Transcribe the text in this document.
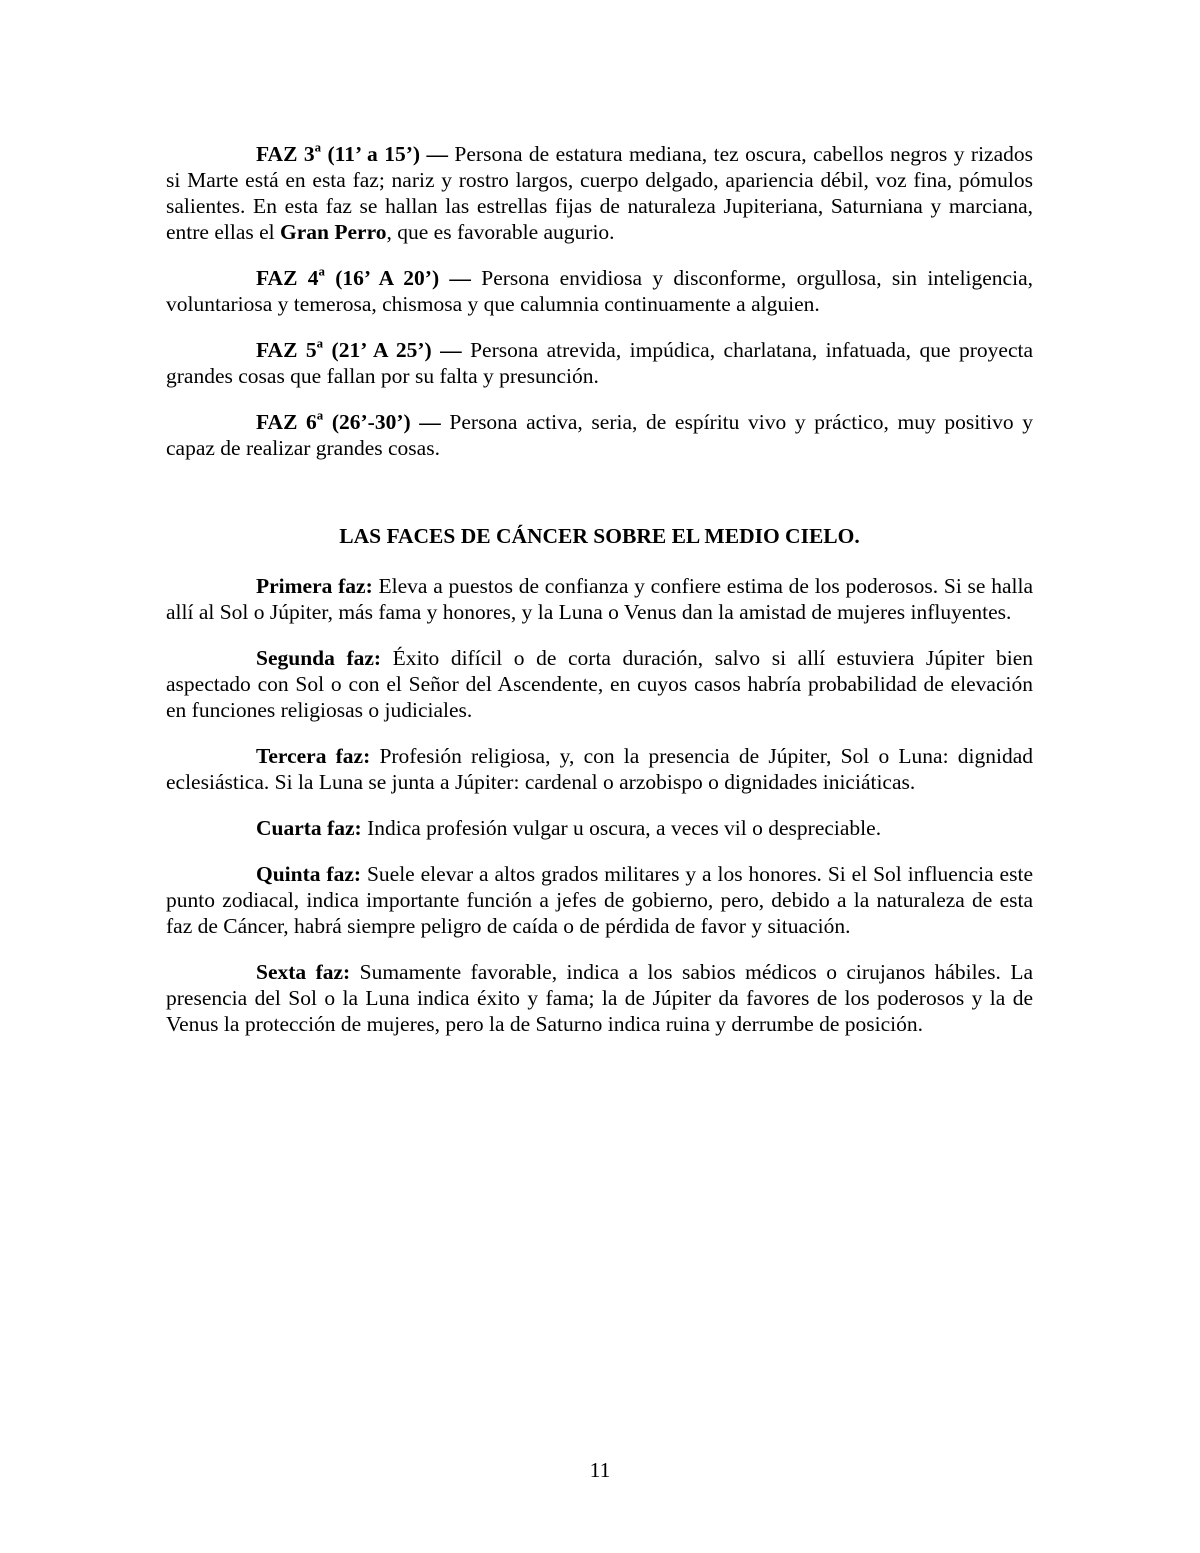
FAZ 3$^a$ (11’ a 15’) — Persona de estatura mediana, tez oscura, cabellos negros y rizados si Marte está en esta faz; nariz y rostro largos, cuerpo delgado, apariencia débil, voz fina, pómulos salientes. En esta faz se hallan las estrellas fijas de naturaleza Jupiteriana, Saturniana y marciana, entre ellas el Gran Perro, que es favorable augurio.

FAZ 4$^a$ (16’ A 20’) — Persona envidiosa y disconforme, orgullosa, sin inteligencia, voluntariosa y temerosa, chismosa y que calumnia continuamente a alguien.

FAZ 5$^a$ (21’ A 25’) — Persona atrevida, impúdica, charlatana, infatuada, que proyecta grandes cosas que fallan por su falta y presunción.

FAZ 6$^a$ (26’-30’) — Persona activa, seria, de espíritu vivo y práctico, muy positivo y capaz de realizar grandes cosas.

LAS FACES DE CÁNCER SOBRE EL MEDIO CIELO.

Primera faz: Eleva a puestos de confianza y confiere estima de los poderosos. Si se halla allí al Sol o Júpiter, más fama y honores, y la Luna o Venus dan la amistad de mujeres influyentes.

Segunda faz: Éxito difícil o de corta duración, salvo si allí estuviera Júpiter bien aspectado con Sol o con el Señor del Ascendente, en cuyos casos habría probabilidad de elevación en funciones religiosas o judiciales.

Tercera faz: Profesión religiosa, y, con la presencia de Júpiter, Sol o Luna: dignidad eclesiástica. Si la Luna se junta a Júpiter: cardenal o arzobispo o dignidades iniciáticas.

Cuarta faz: Indica profesión vulgar u oscura, a veces vil o despreciable.

Quinta faz: Suele elevar a altos grados militares y a los honores. Si el Sol influencia este punto zodiacal, indica importante función a jefes de gobierno, pero, debido a la naturaleza de esta faz de Cáncer, habrá siempre peligro de caída o de pérdida de favor y situación.

Sexta faz: Sumamente favorable, indica a los sabios médicos o cirujanos hábiles. La presencia del Sol o la Luna indica éxito y fama; la de Júpiter da favores de los poderosos y la de Venus la protección de mujeres, pero la de Saturno indica ruina y derrumbe de posición.

11
